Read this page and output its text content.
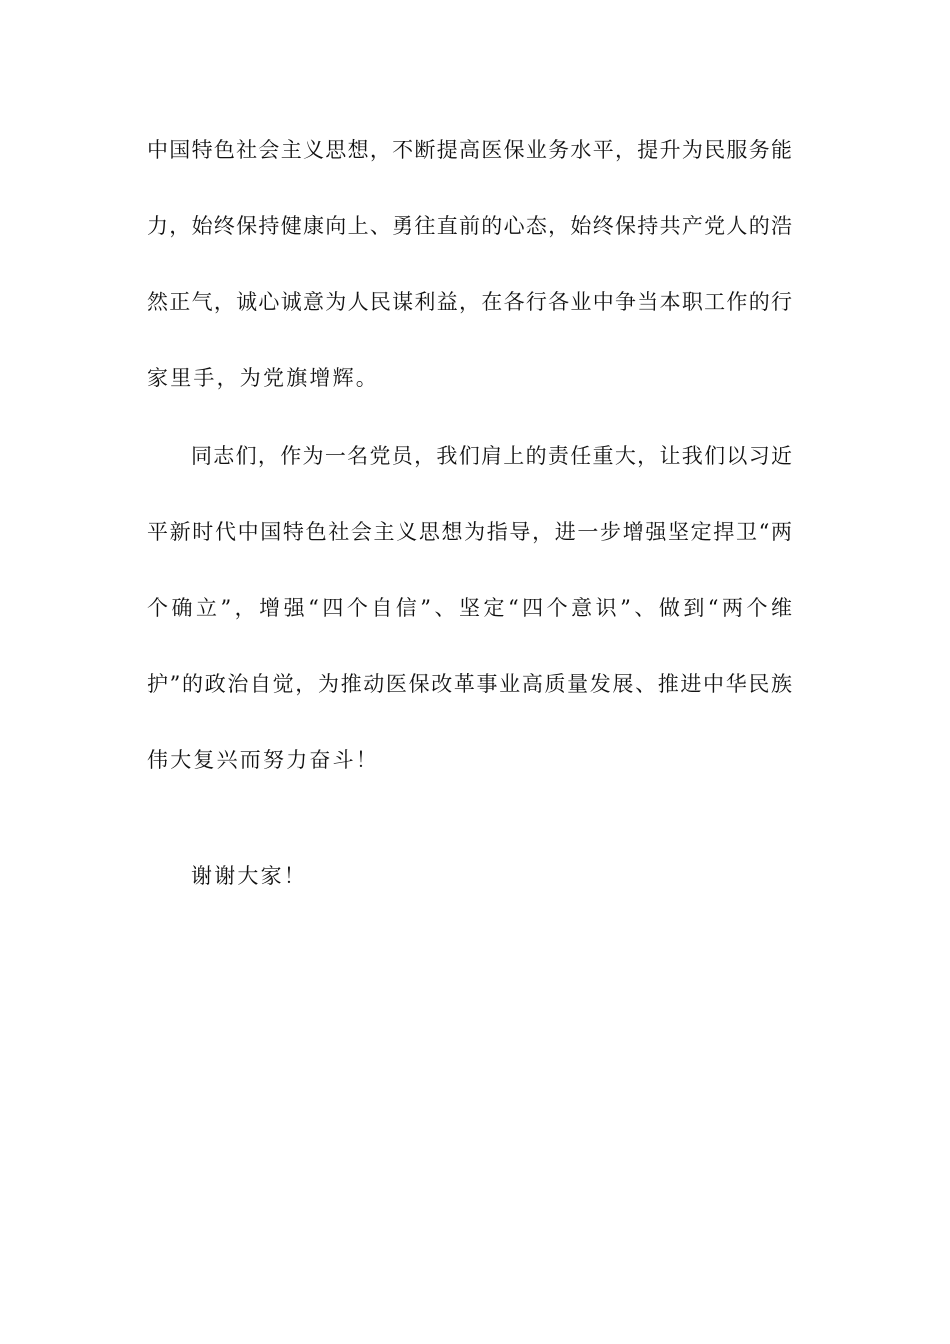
中国特色社会主义思想，不断提高医保业务水平，提升为民服务能
力，始终保持健康向上、勇往直前的心态，始终保持共产党人的浩
然正气，诚心诚意为人民谋利益，在各行各业中争当本职工作的行
家里手，为党旗增辉。
同志们，作为一名党员，我们肩上的责任重大，让我们以习近
平新时代中国特色社会主义思想为指导，进一步增强坚定捍卫“两
个确立”，增强“四个自信”、坚定“四个意识”、做到“两个维
护”的政治自觉，为推动医保改革事业高质量发展、推进中华民族
伟大复兴而努力奋斗！
谢谢大家！
